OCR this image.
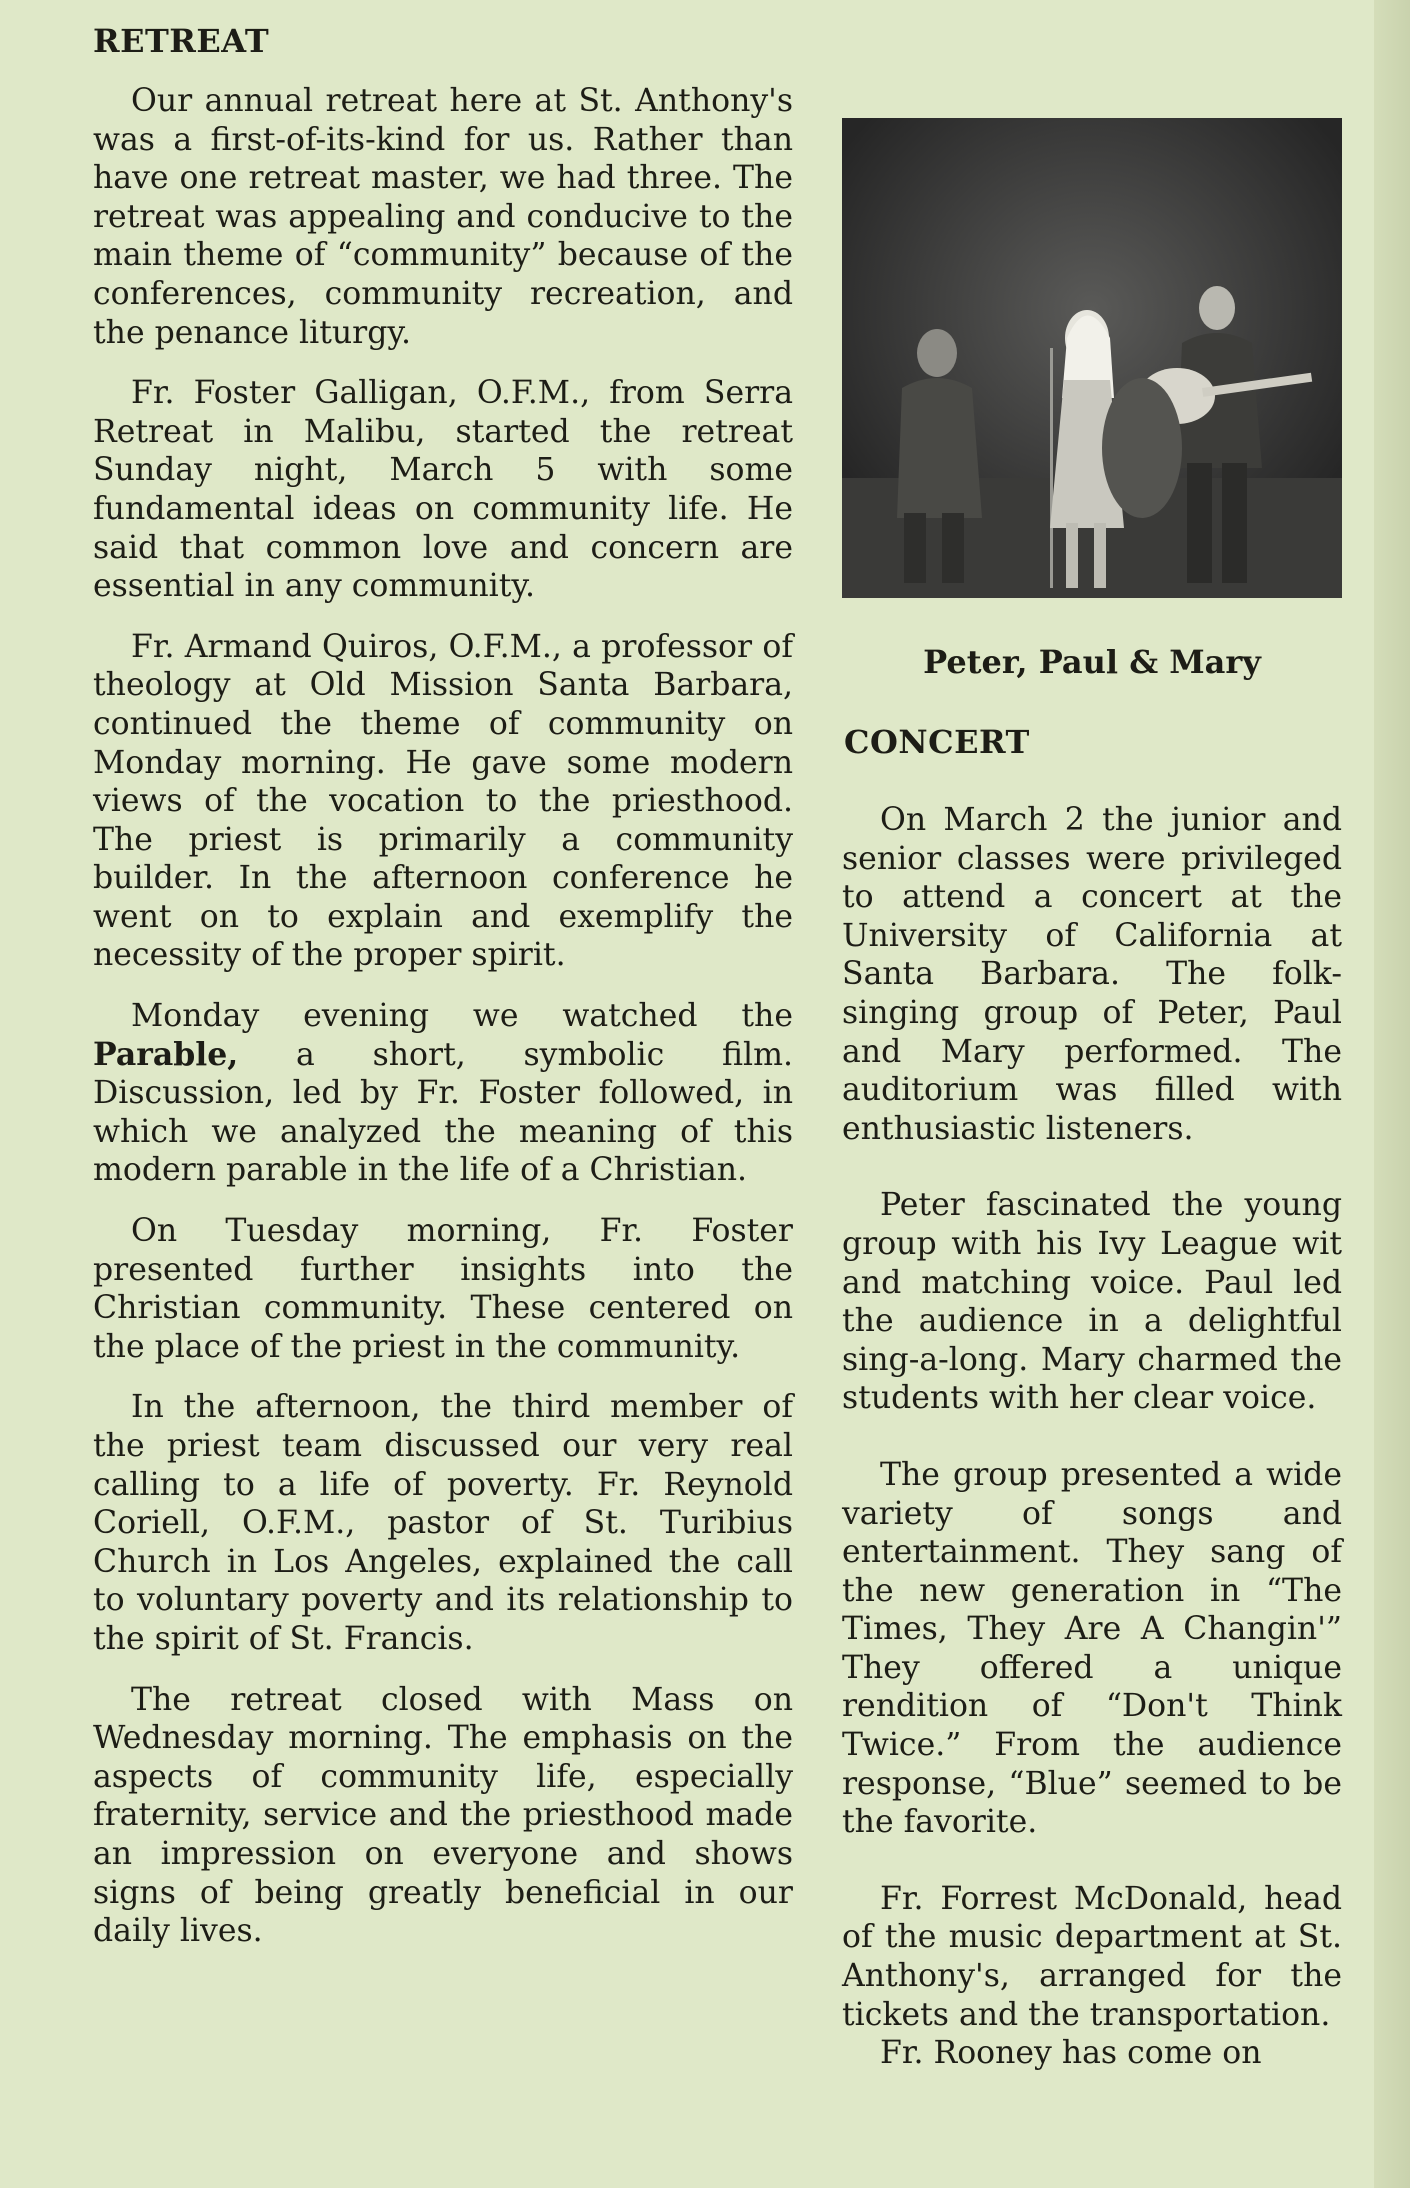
RETREAT

Our annual retreat here at St. Anthony's was a first-of-its-kind for us. Rather than have one retreat master, we had three. The retreat was appealing and conducive to the main theme of “community” because of the conferences, community recreation, and the penance liturgy.

Fr. Foster Galligan, O.F.M., from Serra Retreat in Malibu, started the retreat Sunday night, March 5 with some fundamental ideas on community life. He said that common love and concern are essential in any community.

Fr. Armand Quiros, O.F.M., a professor of theology at Old Mission Santa Barbara, continued the theme of community on Monday morning. He gave some modern views of the vocation to the priesthood. The priest is primarily a community builder. In the afternoon conference he went on to explain and exemplify the necessity of the proper spirit.

Monday evening we watched the Parable, a short, symbolic film. Discussion, led by Fr. Foster followed, in which we analyzed the meaning of this modern parable in the life of a Christian.

On Tuesday morning, Fr. Foster presented further insights into the Christian community. These centered on the place of the priest in the community.

In the afternoon, the third member of the priest team discussed our very real calling to a life of poverty. Fr. Reynold Coriell, O.F.M., pastor of St. Turibius Church in Los Angeles, explained the call to voluntary poverty and its relationship to the spirit of St. Francis.

The retreat closed with Mass on Wednesday morning. The emphasis on the aspects of community life, especially fraternity, service and the priesthood made an impression on everyone and shows signs of being greatly beneficial in our daily lives.

Peter, Paul & Mary
CONCERT

On March 2 the junior and senior classes were privileged to attend a concert at the University of California at Santa Barbara. The folk-singing group of Peter, Paul and Mary performed. The auditorium was filled with enthusiastic listeners.

Peter fascinated the young group with his Ivy League wit and matching voice. Paul led the audience in a delightful sing-a-long. Mary charmed the students with her clear voice.

The group presented a wide variety of songs and entertainment. They sang of the new generation in “The Times, They Are A Changin'” They offered a unique rendition of “Don't Think Twice.” From the audience response, “Blue” seemed to be the favorite.

Fr. Forrest McDonald, head of the music department at St. Anthony's, arranged for the tickets and the transportation.

Fr. Rooney has come on
